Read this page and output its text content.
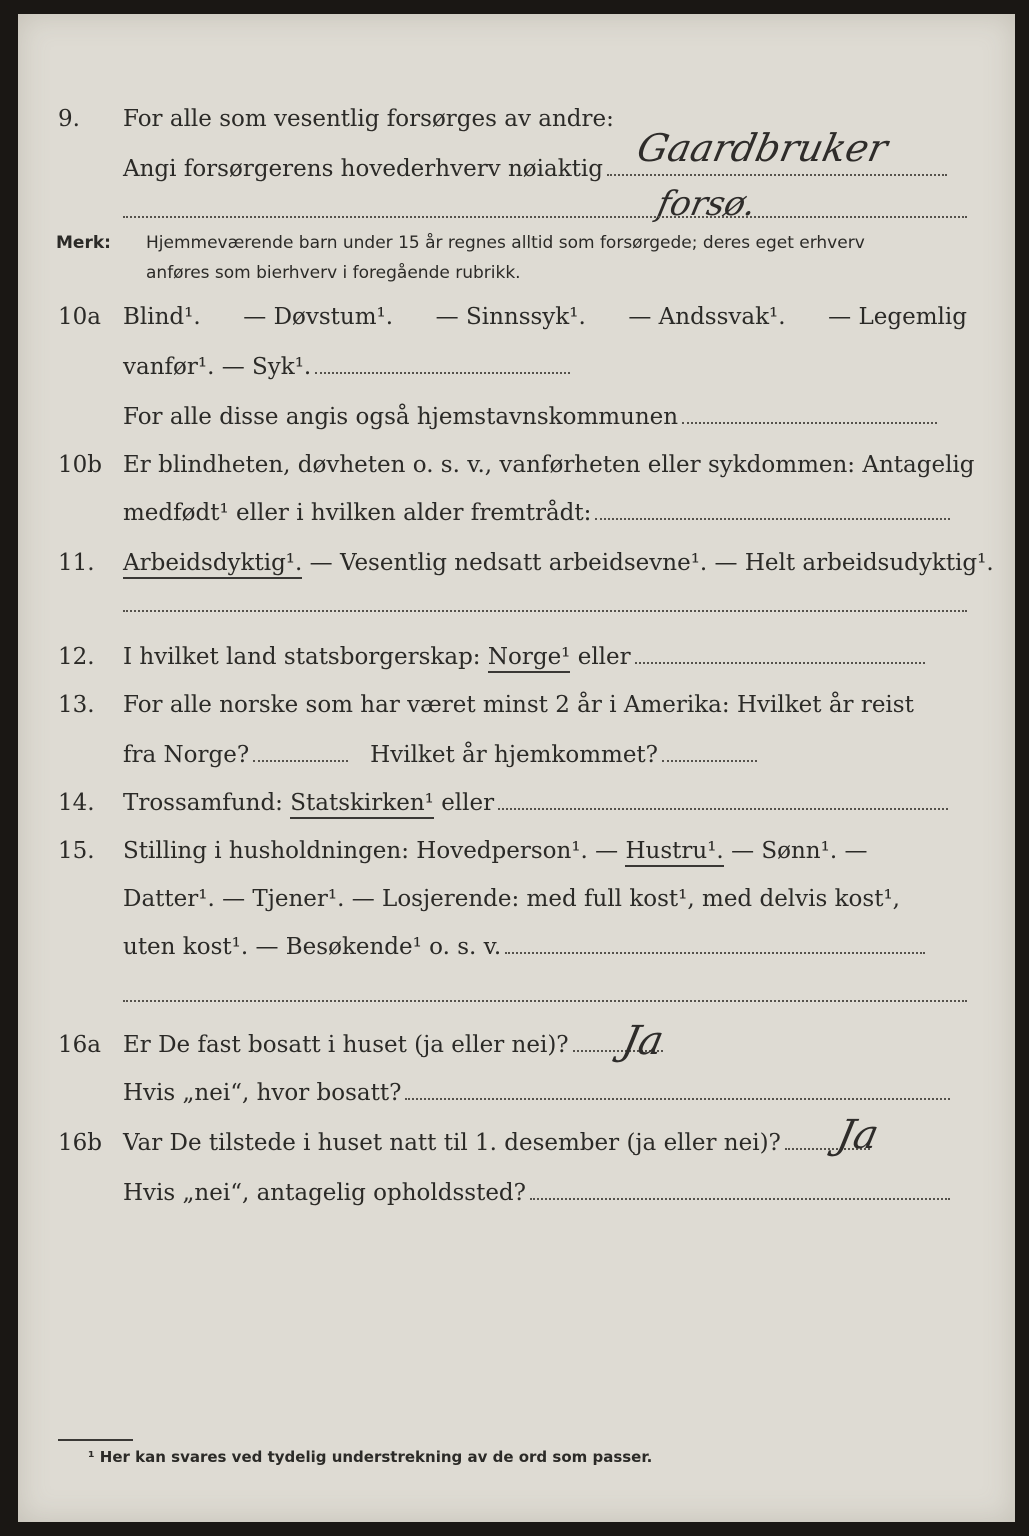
9. For alle som vesentlig forsørges av andre:
Angi forsørgerens hovederhverv nøiaktig Gaardbruker
forsø.
Merk: Hjemmeværende barn under 15 år regnes alltid som forsørgede; deres eget erhverv
anføres som bierhverv i foregående rubrikk.
10a Blind¹. — Døvstum¹. — Sinnssyk¹. — Andssvak¹. — Legemlig
vanfør¹. — Syk¹.
For alle disse angis også hjemstavnskommunen
10b Er blindheten, døvheten o. s. v., vanførheten eller sykdommen: Antagelig
medfødt¹ eller i hvilken alder fremtrådt:
11. Arbeidsdyktig¹. — Vesentlig nedsatt arbeidsevne¹. — Helt arbeidsudyktig¹.
12. I hvilket land statsborgerskap: Norge¹ eller
13. For alle norske som har været minst 2 år i Amerika: Hvilket år reist
fra Norge?	Hvilket år hjemkommet?
14. Trossamfund: Statskirken¹ eller
15. Stilling i husholdningen: Hovedperson¹. — Hustru¹. — Sønn¹. —
Datter¹. — Tjener¹. — Losjerende: med full kost¹, med delvis kost¹,
uten kost¹. — Besøkende¹ o. s. v.
16a Er De fast bosatt i huset (ja eller nei)?	Ja
Hvis „nei“, hvor bosatt?
16b Var De tilstede i huset natt til 1. desember (ja eller nei)?	Ja
Hvis „nei“, antagelig opholdssted?
¹ Her kan svares ved tydelig understrekning av de ord som passer.
